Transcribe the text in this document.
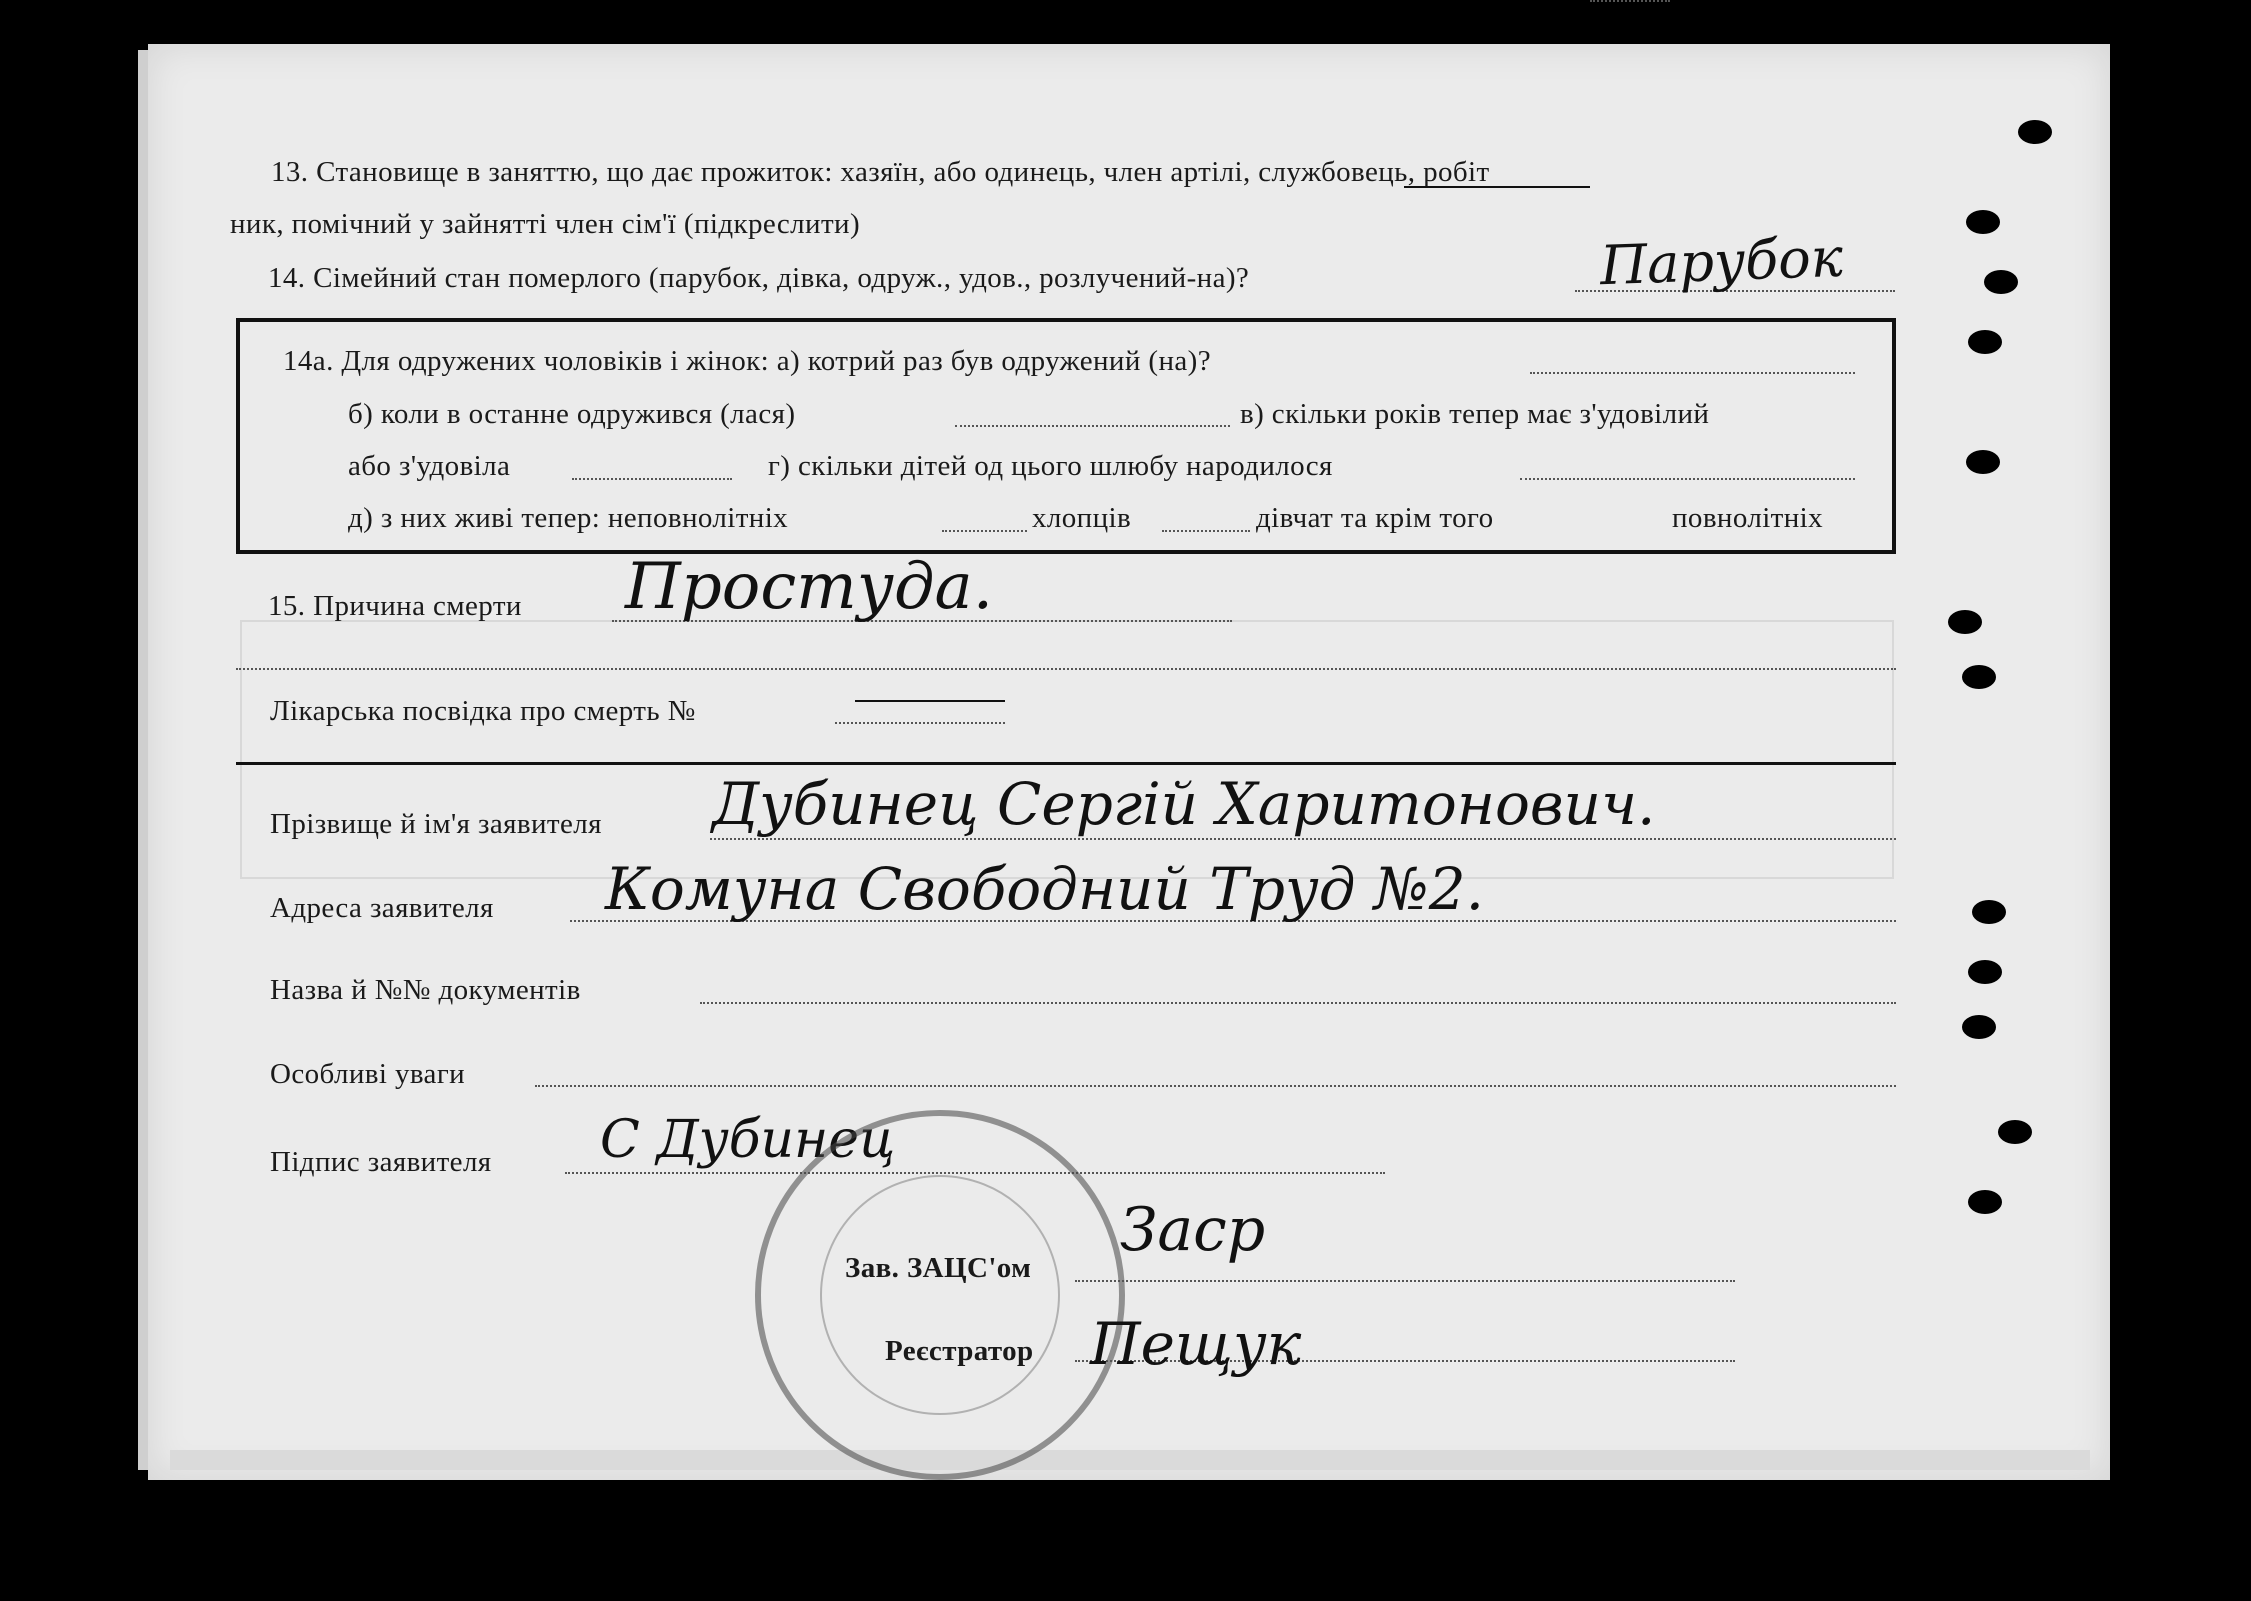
13. Становище в заняттю, що дає прожиток: хазяїн, або одинець, член артілі, службовець, робіт
ник, помічний у зайнятті член сім'ї (підкреслити)
14. Сімейний стан померлого (парубок, дівка, одруж., удов., розлучений-на)?	Парубок
14а. Для одружених чоловіків і жінок: а) котрий раз був одружений (на)?
б) коли в останне одружився (лася)	в) скільки років тепер має з'удовілий
або з'удовіла	г) скільки дітей од цього шлюбу народилося
д) з них живі тепер: неповнолітніх	хлопців	дівчат та крім того	повнолітніх
15. Причина смерти Простуда.
Лікарська посвідка про смерть №
Прізвище й ім'я заявителя Дубинец Сергій Харитонович.
Адреса заявителя Комуна Свободний Труд №2.
Назва й №№ документів
Особливі уваги
Підпис заявителя С Дубинец
Зав. ЗАЦС'ом
Заср
Реєстратор Пещук
